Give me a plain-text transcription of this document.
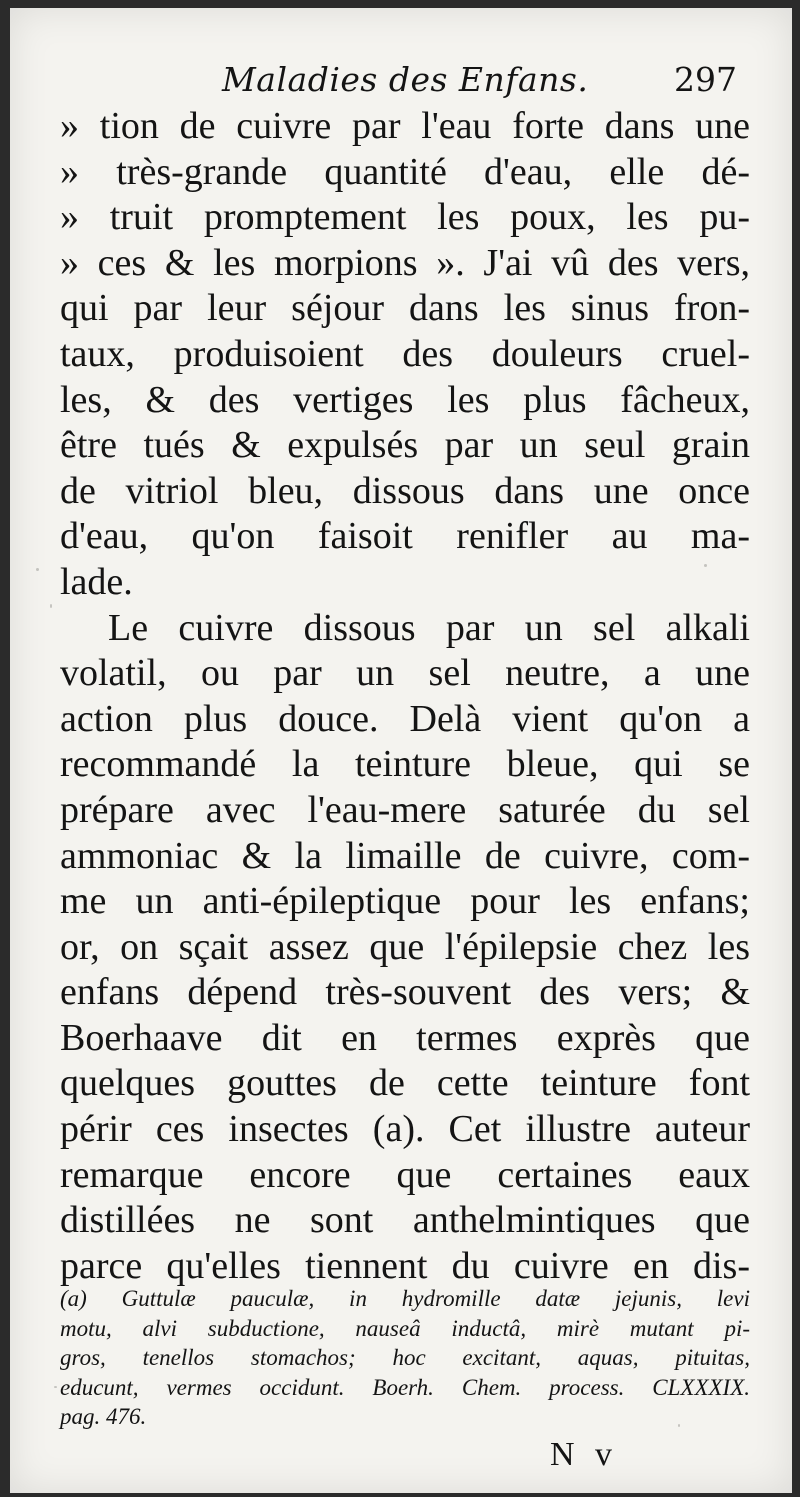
Maladies des Enfans.	297
» tion de cuivre par l'eau forte dans une
» très-grande quantité d'eau, elle dé-
» truit promptement les poux, les pu-
» ces & les morpions ». J'ai vû des vers,
qui par leur séjour dans les sinus fron-
taux, produisoient des douleurs cruel-
les, & des vertiges les plus fâcheux,
être tués & expulsés par un seul grain
de vitriol bleu, dissous dans une once
d'eau, qu'on faisoit renifler au ma-
lade.
Le cuivre dissous par un sel alkali
volatil, ou par un sel neutre, a une
action plus douce. Delà vient qu'on a
recommandé la teinture bleue, qui se
prépare avec l'eau-mere saturée du sel
ammoniac & la limaille de cuivre, com-
me un anti-épileptique pour les enfans;
or, on sçait assez que l'épilepsie chez les
enfans dépend très-souvent des vers; &
Boerhaave dit en termes exprès que
quelques gouttes de cette teinture font
périr ces insectes (a). Cet illustre auteur
remarque encore que certaines eaux
distillées ne sont anthelmintiques que
parce qu'elles tiennent du cuivre en dis-
(a) Guttulæ pauculæ, in hydromille datæ jejunis, levi
motu, alvi subductione, nauseâ inductâ, mirè mutant pi-
gros, tenellos stomachos; hoc excitant, aquas, pituitas,
educunt, vermes occidunt. Boerh. Chem. process. CLXXXIX.
pag. 476.
N v
